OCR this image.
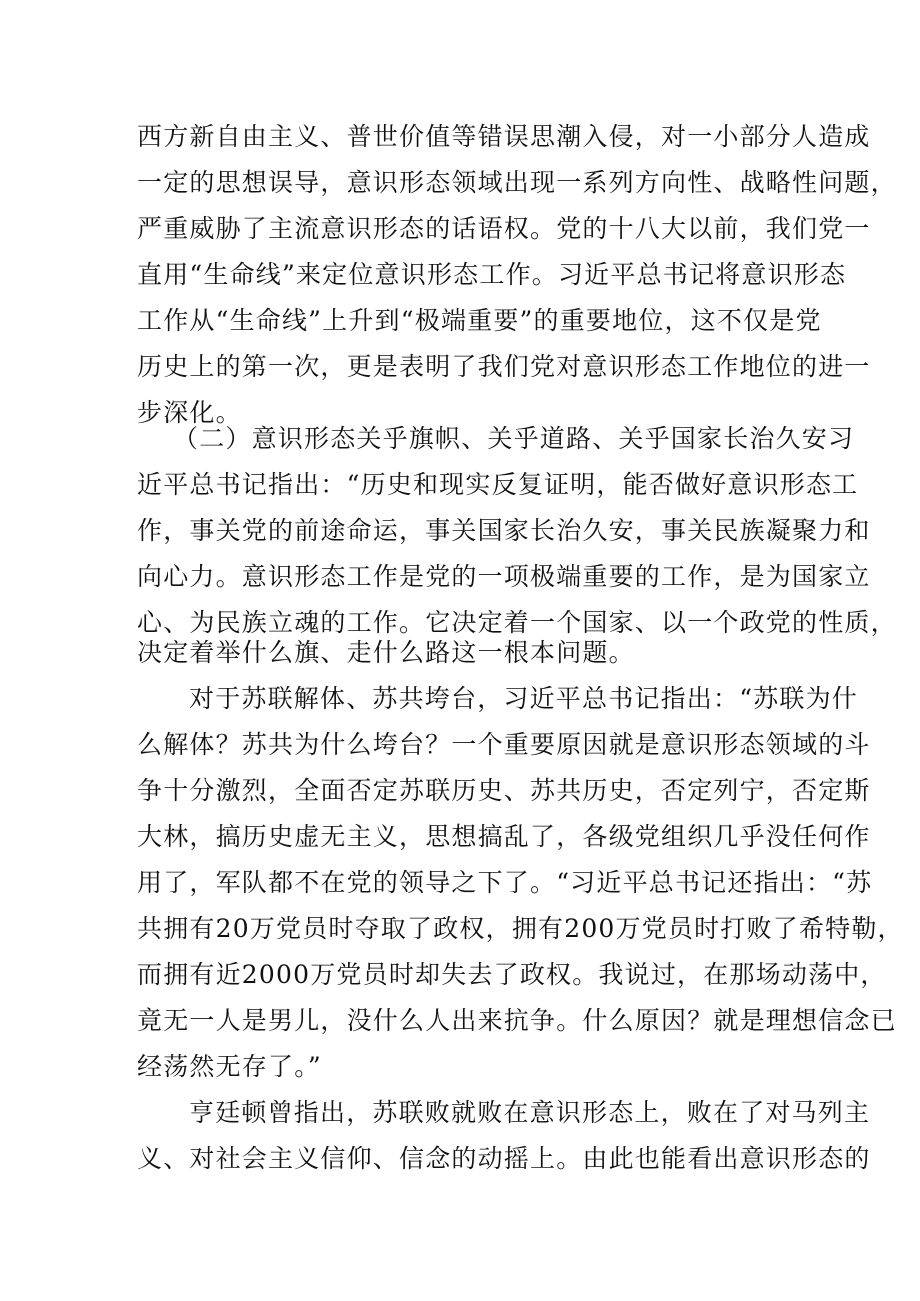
西方新自由主义、普世价值等错误思潮入侵，对一小部分人造成
一定的思想误导，意识形态领域出现一系列方向性、战略性问题，
严重威胁了主流意识形态的话语权。党的十八大以前，我们党一
直用“生命线”来定位意识形态工作。习近平总书记将意识形态
工作从“生命线”上升到“极端重要”的重要地位，这不仅是党
历史上的第一次，更是表明了我们党对意识形态工作地位的进一
步深化。
（二）意识形态关乎旗帜、关乎道路、关乎国家长治久安习
近平总书记指出：“历史和现实反复证明，能否做好意识形态工
作，事关党的前途命运，事关国家长治久安，事关民族凝聚力和
向心力。意识形态工作是党的一项极端重要的工作，是为国家立
心、为民族立魂的工作。它决定着一个国家、以一个政党的性质，
决定着举什么旗、走什么路这一根本问题。
对于苏联解体、苏共垮台，习近平总书记指出：“苏联为什
么解体？苏共为什么垮台？一个重要原因就是意识形态领域的斗
争十分激烈，全面否定苏联历史、苏共历史，否定列宁，否定斯
大林，搞历史虚无主义，思想搞乱了，各级党组织几乎没任何作
用了，军队都不在党的领导之下了。“习近平总书记还指出：“苏
共拥有20万党员时夺取了政权，拥有200万党员时打败了希特勒，
而拥有近2000万党员时却失去了政权。我说过，在那场动荡中，
竟无一人是男儿，没什么人出来抗争。什么原因？就是理想信念已
经荡然无存了。”
亨廷顿曾指出，苏联败就败在意识形态上，败在了对马列主
义、对社会主义信仰、信念的动摇上。由此也能看出意识形态的
